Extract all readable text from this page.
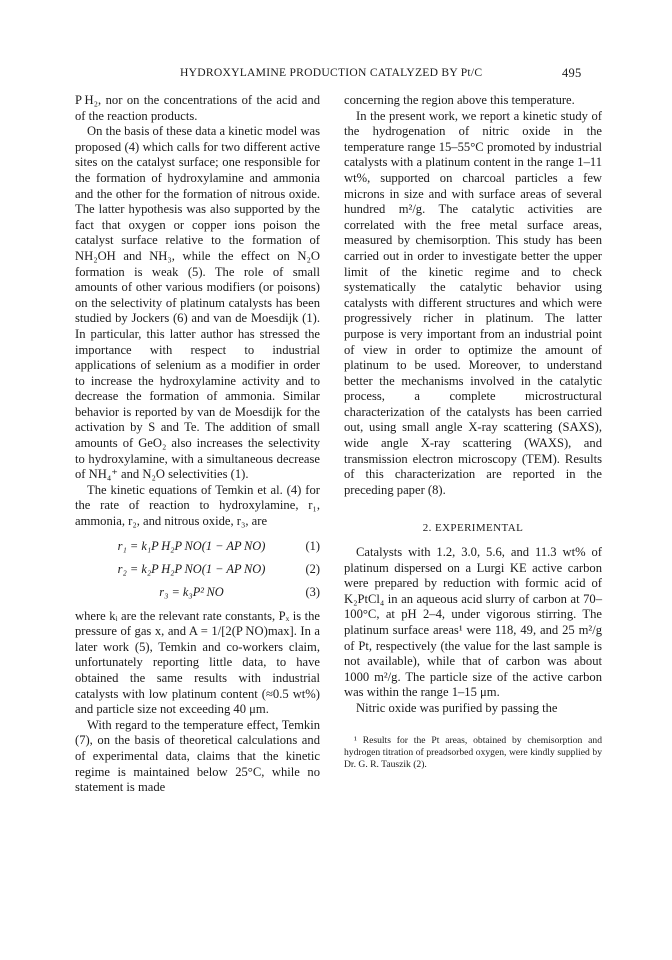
HYDROXYLAMINE PRODUCTION CATALYZED BY Pt/C	495

P H₂, nor on the concentrations of the acid and of the reaction products.

On the basis of these data a kinetic model was proposed (4) which calls for two different active sites on the catalyst surface; one responsible for the formation of hydroxylamine and ammonia and the other for the formation of nitrous oxide. The latter hypothesis was also supported by the fact that oxygen or copper ions poison the catalyst surface relative to the formation of NH₂OH and NH₃, while the effect on N₂O formation is weak (5). The role of small amounts of other various modifiers (or poisons) on the selectivity of platinum catalysts has been studied by Jockers (6) and van de Moesdijk (1). In particular, this latter author has stressed the importance with respect to industrial applications of selenium as a modifier in order to increase the hydroxylamine activity and to decrease the formation of ammonia. Similar behavior is reported by van de Moesdijk for the activation by S and Te. The addition of small amounts of GeO₂ also increases the selectivity to hydroxylamine, with a simultaneous decrease of NH₄⁺ and N₂O selectivities (1).

The kinetic equations of Temkin et al. (4) for the rate of reaction to hydroxylamine, r₁, ammonia, r₂, and nitrous oxide, r₃, are

r₁ = k₁P H₂P NO(1 − AP NO)	(1)
r₂ = k₂P H₂P NO(1 − AP NO)	(2)
r₃ = k₃P² NO	(3)

where kᵢ are the relevant rate constants, Pₓ is the pressure of gas x, and A = 1/[2(P NO)max]. In a later work (5), Temkin and co-workers claim, unfortunately reporting little data, to have obtained the same results with industrial catalysts with low platinum content (≈0.5 wt%) and particle size not exceeding 40 μm.

With regard to the temperature effect, Temkin (7), on the basis of theoretical calculations and of experimental data, claims that the kinetic regime is maintained below 25°C, while no statement is made

concerning the region above this temperature.

In the present work, we report a kinetic study of the hydrogenation of nitric oxide in the temperature range 15–55°C promoted by industrial catalysts with a platinum content in the range 1–11 wt%, supported on charcoal particles a few microns in size and with surface areas of several hundred m²/g. The catalytic activities are correlated with the free metal surface areas, measured by chemisorption. This study has been carried out in order to investigate better the upper limit of the kinetic regime and to check systematically the catalytic behavior using catalysts with different structures and which were progressively richer in platinum. The latter purpose is very important from an industrial point of view in order to optimize the amount of platinum to be used. Moreover, to understand better the mechanisms involved in the catalytic process, a complete microstructural characterization of the catalysts has been carried out, using small angle X-ray scattering (SAXS), wide angle X-ray scattering (WAXS), and transmission electron microscopy (TEM). Results of this characterization are reported in the preceding paper (8).

2. EXPERIMENTAL

Catalysts with 1.2, 3.0, 5.6, and 11.3 wt% of platinum dispersed on a Lurgi KE active carbon were prepared by reduction with formic acid of K₂PtCl₄ in an aqueous acid slurry of carbon at 70–100°C, at pH 2–4, under vigorous stirring. The platinum surface areas¹ were 118, 49, and 25 m²/g of Pt, respectively (the value for the last sample is not available), while that of carbon was about 1000 m²/g. The particle size of the active carbon was within the range 1–15 μm.

Nitric oxide was purified by passing the

¹ Results for the Pt areas, obtained by chemisorption and hydrogen titration of preadsorbed oxygen, were kindly supplied by Dr. G. R. Tauszik (2).
